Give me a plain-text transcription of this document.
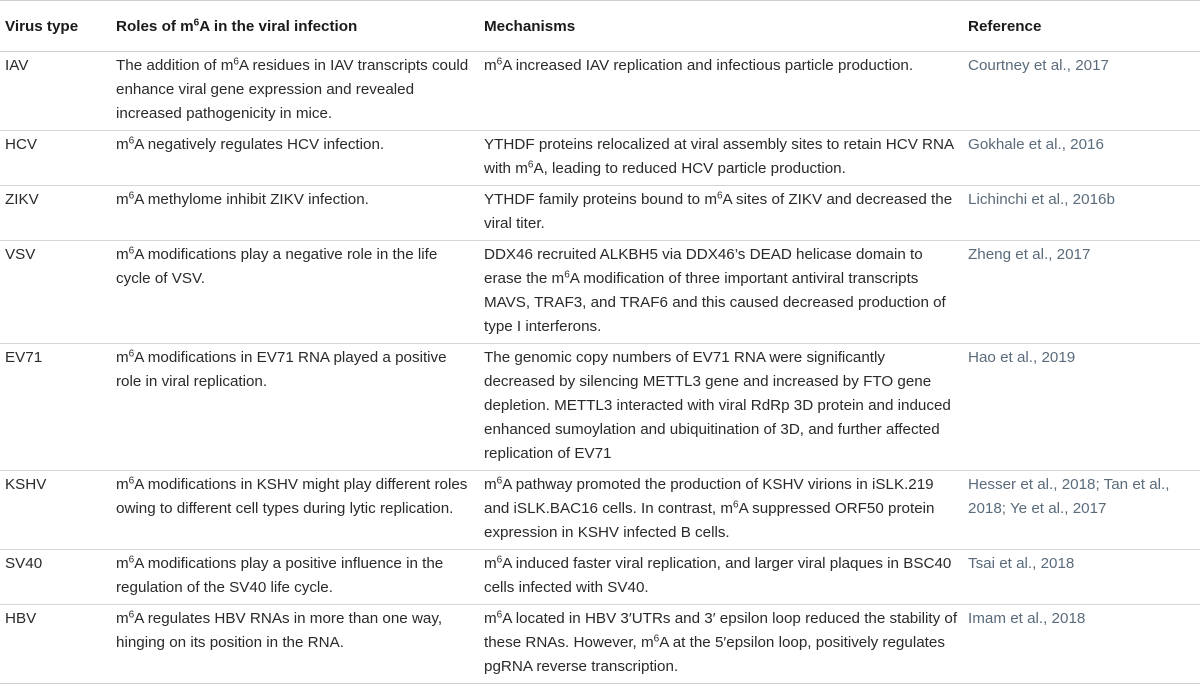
Virus type	Roles of $m^6A$ in the viral infection	Mechanisms	Reference
IAV	The addition of $m^6A$ residues in IAV transcripts could enhance viral gene expression and revealed increased pathogenicity in mice.	$m^6A$ increased IAV replication and infectious particle production.	Courtney et al., 2017
HCV	$m^6A$ negatively regulates HCV infection.	YTHDF proteins relocalized at viral assembly sites to retain HCV RNA with $m^6A$, leading to reduced HCV particle production.	Gokhale et al., 2016
ZIKV	$m^6A$ methylome inhibit ZIKV infection.	YTHDF family proteins bound to $m^6A$ sites of ZIKV and decreased the viral titer.	Lichinchi et al., 2016b
VSV	$m^6A$ modifications play a negative role in the life cycle of VSV.	DDX46 recruited ALKBH5 via DDX46’s DEAD helicase domain to erase the $m^6A$ modification of three important antiviral transcripts MAVS, TRAF3, and TRAF6 and this caused decreased production of type I interferons.	Zheng et al., 2017
EV71	$m^6A$ modifications in EV71 RNA played a positive role in viral replication.	The genomic copy numbers of EV71 RNA were significantly decreased by silencing METTL3 gene and increased by FTO gene depletion. METTL3 interacted with viral RdRp 3D protein and induced enhanced sumoylation and ubiquitination of 3D, and further affected replication of EV71	Hao et al., 2019
KSHV	$m^6A$ modifications in KSHV might play different roles owing to different cell types during lytic replication.	$m^6A$ pathway promoted the production of KSHV virions in iSLK.219 and iSLK.BAC16 cells. In contrast, $m^6A$ suppressed ORF50 protein expression in KSHV infected B cells.	Hesser et al., 2018; Tan et al., 2018; Ye et al., 2017
SV40	$m^6A$ modifications play a positive influence in the regulation of the SV40 life cycle.	$m^6A$ induced faster viral replication, and larger viral plaques in BSC40 cells infected with SV40.	Tsai et al., 2018
HBV	$m^6A$ regulates HBV RNAs in more than one way, hinging on its position in the RNA.	$m^6A$ located in HBV 3′UTRs and 3′ epsilon loop reduced the stability of these RNAs. However, $m^6A$ at the 5′epsilon loop, positively regulates pgRNA reverse transcription.	Imam et al., 2018
